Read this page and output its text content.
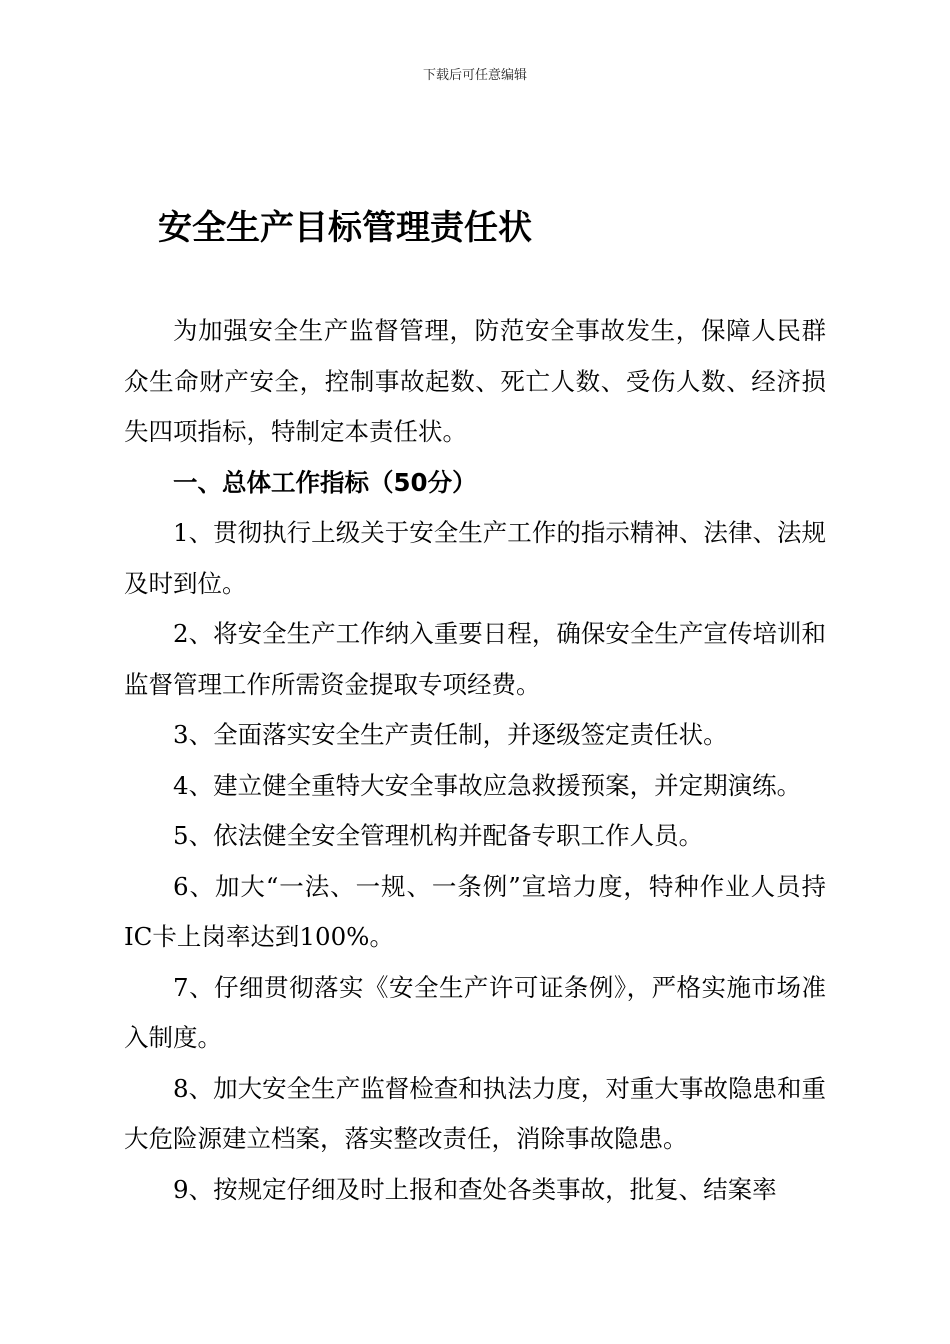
下载后可任意编辑
安全生产目标管理责任状

为加强安全生产监督管理，防范安全事故发生，保障人民群众生命财产安全，控制事故起数、死亡人数、受伤人数、经济损失四项指标，特制定本责任状。

一、总体工作指标（50分）

1、贯彻执行上级关于安全生产工作的指示精神、法律、法规及时到位。

2、将安全生产工作纳入重要日程，确保安全生产宣传培训和监督管理工作所需资金提取专项经费。

3、全面落实安全生产责任制，并逐级签定责任状。

4、建立健全重特大安全事故应急救援预案，并定期演练。

5、依法健全安全管理机构并配备专职工作人员。

6、加大“一法、一规、一条例”宣培力度，特种作业人员持IC卡上岗率达到100%。

7、仔细贯彻落实《安全生产许可证条例》，严格实施市场准入制度。

8、加大安全生产监督检查和执法力度，对重大事故隐患和重大危险源建立档案，落实整改责任，消除事故隐患。

9、按规定仔细及时上报和查处各类事故，批复、结案率
